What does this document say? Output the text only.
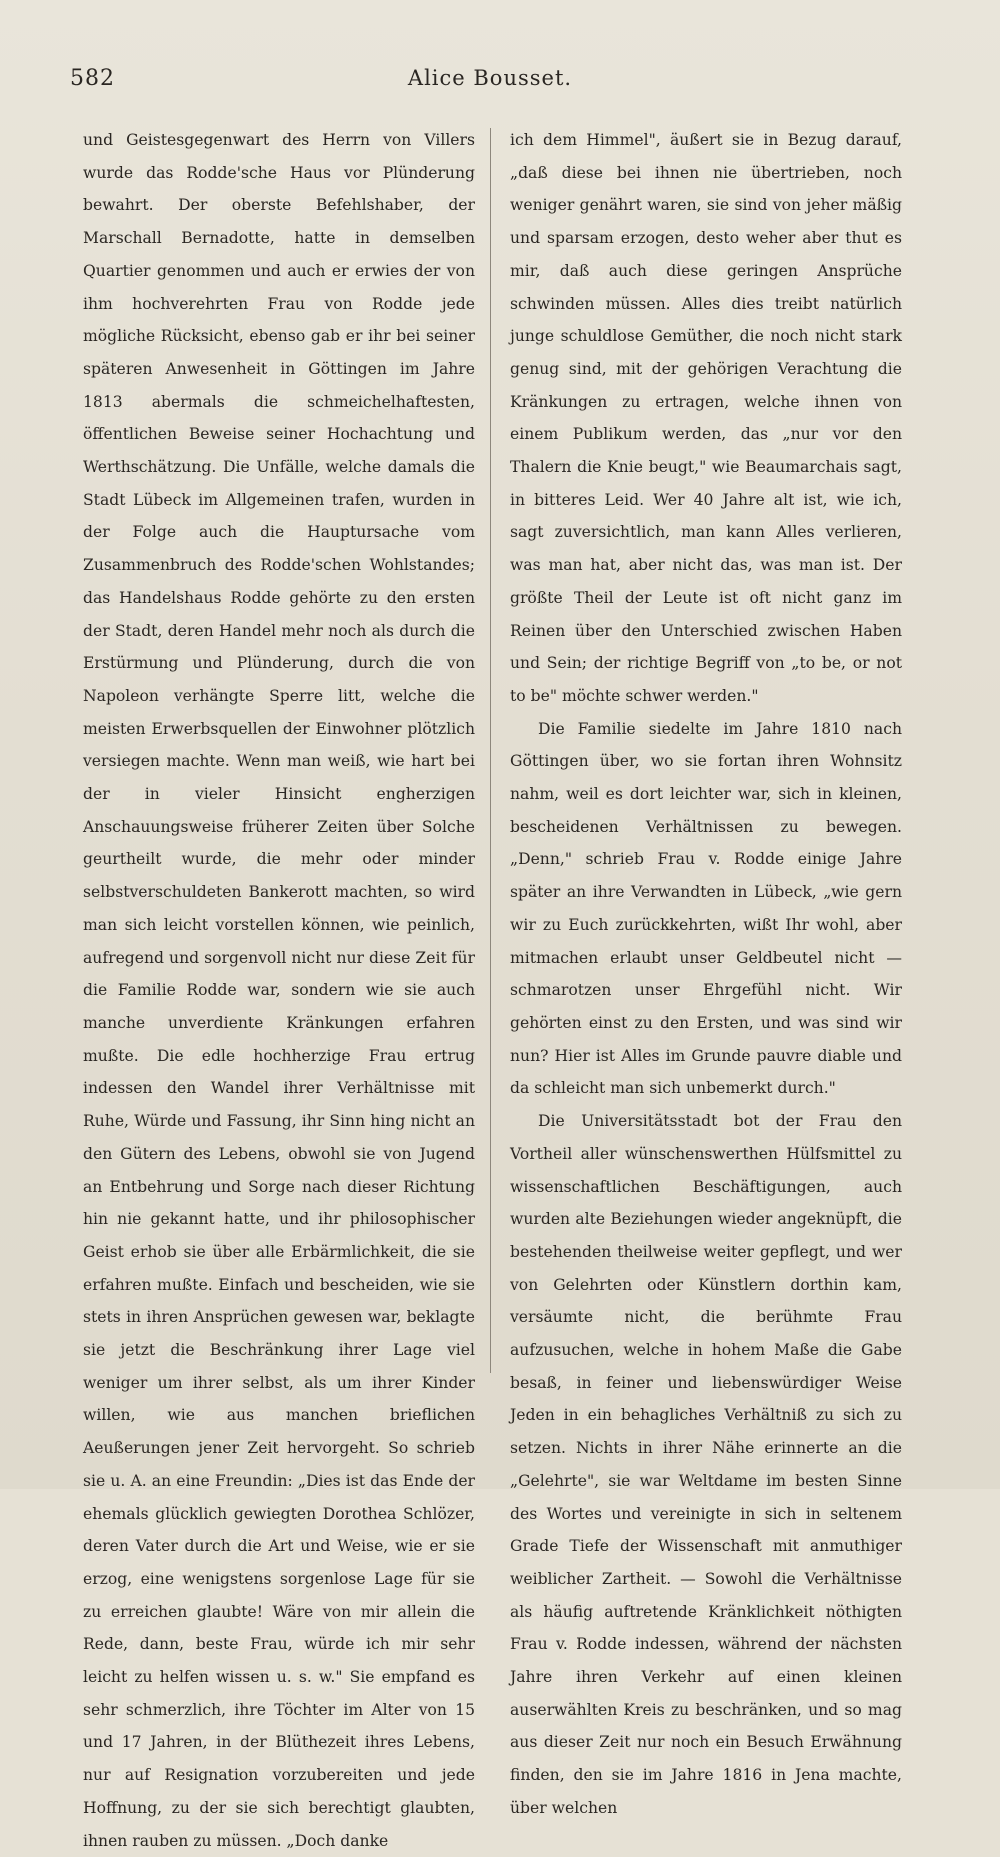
582	Alice Bousset.

und Geistesgegenwart des Herrn von Villers wurde das Rodde'sche Haus vor Plünderung bewahrt. Der oberste Befehlshaber, der Marschall Bernadotte, hatte in demselben Quartier genommen und auch er erwies der von ihm hochverehrten Frau von Rodde jede mögliche Rücksicht, ebenso gab er ihr bei seiner späteren Anwesenheit in Göttingen im Jahre 1813 abermals die schmeichelhaftesten, öffentlichen Beweise seiner Hochachtung und Werthschätzung. Die Unfälle, welche damals die Stadt Lübeck im Allgemeinen trafen, wurden in der Folge auch die Hauptursache vom Zusammenbruch des Rodde'schen Wohlstandes; das Handelshaus Rodde gehörte zu den ersten der Stadt, deren Handel mehr noch als durch die Erstürmung und Plünderung, durch die von Napoleon verhängte Sperre litt, welche die meisten Erwerbsquellen der Einwohner plötzlich versiegen machte. Wenn man weiß, wie hart bei der in vieler Hinsicht engherzigen Anschauungsweise früherer Zeiten über Solche geurtheilt wurde, die mehr oder minder selbstverschuldeten Bankerott machten, so wird man sich leicht vorstellen können, wie peinlich, aufregend und sorgenvoll nicht nur diese Zeit für die Familie Rodde war, sondern wie sie auch manche unverdiente Kränkungen erfahren mußte. Die edle hochherzige Frau ertrug indessen den Wandel ihrer Verhältnisse mit Ruhe, Würde und Fassung, ihr Sinn hing nicht an den Gütern des Lebens, obwohl sie von Jugend an Entbehrung und Sorge nach dieser Richtung hin nie gekannt hatte, und ihr philosophischer Geist erhob sie über alle Erbärmlichkeit, die sie erfahren mußte. Einfach und bescheiden, wie sie stets in ihren Ansprüchen gewesen war, beklagte sie jetzt die Beschränkung ihrer Lage viel weniger um ihrer selbst, als um ihrer Kinder willen, wie aus manchen brieflichen Aeußerungen jener Zeit hervorgeht. So schrieb sie u. A. an eine Freundin: „Dies ist das Ende der ehemals glücklich gewiegten Dorothea Schlözer, deren Vater durch die Art und Weise, wie er sie erzog, eine wenigstens sorgenlose Lage für sie zu erreichen glaubte! Wäre von mir allein die Rede, dann, beste Frau, würde ich mir sehr leicht zu helfen wissen u. s. w." Sie empfand es sehr schmerzlich, ihre Töchter im Alter von 15 und 17 Jahren, in der Blüthezeit ihres Lebens, nur auf Resignation vorzubereiten und jede Hoffnung, zu der sie sich berechtigt glaubten, ihnen rauben zu müssen. „Doch danke

ich dem Himmel", äußert sie in Bezug darauf, „daß diese bei ihnen nie übertrieben, noch weniger genährt waren, sie sind von jeher mäßig und sparsam erzogen, desto weher aber thut es mir, daß auch diese geringen Ansprüche schwinden müssen. Alles dies treibt natürlich junge schuldlose Gemüther, die noch nicht stark genug sind, mit der gehörigen Verachtung die Kränkungen zu ertragen, welche ihnen von einem Publikum werden, das „nur vor den Thalern die Knie beugt," wie Beaumarchais sagt, in bitteres Leid. Wer 40 Jahre alt ist, wie ich, sagt zuversichtlich, man kann Alles verlieren, was man hat, aber nicht das, was man ist. Der größte Theil der Leute ist oft nicht ganz im Reinen über den Unterschied zwischen Haben und Sein; der richtige Begriff von „to be, or not to be" möchte schwer werden."

Die Familie siedelte im Jahre 1810 nach Göttingen über, wo sie fortan ihren Wohnsitz nahm, weil es dort leichter war, sich in kleinen, bescheidenen Verhältnissen zu bewegen. „Denn," schrieb Frau v. Rodde einige Jahre später an ihre Verwandten in Lübeck, „wie gern wir zu Euch zurückkehrten, wißt Ihr wohl, aber mitmachen erlaubt unser Geldbeutel nicht — schmarotzen unser Ehrgefühl nicht. Wir gehörten einst zu den Ersten, und was sind wir nun? Hier ist Alles im Grunde pauvre diable und da schleicht man sich unbemerkt durch."

Die Universitätsstadt bot der Frau den Vortheil aller wünschenswerthen Hülfsmittel zu wissenschaftlichen Beschäftigungen, auch wurden alte Beziehungen wieder angeknüpft, die bestehenden theilweise weiter gepflegt, und wer von Gelehrten oder Künstlern dorthin kam, versäumte nicht, die berühmte Frau aufzusuchen, welche in hohem Maße die Gabe besaß, in feiner und liebenswürdiger Weise Jeden in ein behagliches Verhältniß zu sich zu setzen. Nichts in ihrer Nähe erinnerte an die „Gelehrte", sie war Weltdame im besten Sinne des Wortes und vereinigte in sich in seltenem Grade Tiefe der Wissenschaft mit anmuthiger weiblicher Zartheit. — Sowohl die Verhältnisse als häufig auftretende Kränklichkeit nöthigten Frau v. Rodde indessen, während der nächsten Jahre ihren Verkehr auf einen kleinen auserwählten Kreis zu beschränken, und so mag aus dieser Zeit nur noch ein Besuch Erwähnung finden, den sie im Jahre 1816 in Jena machte, über welchen
